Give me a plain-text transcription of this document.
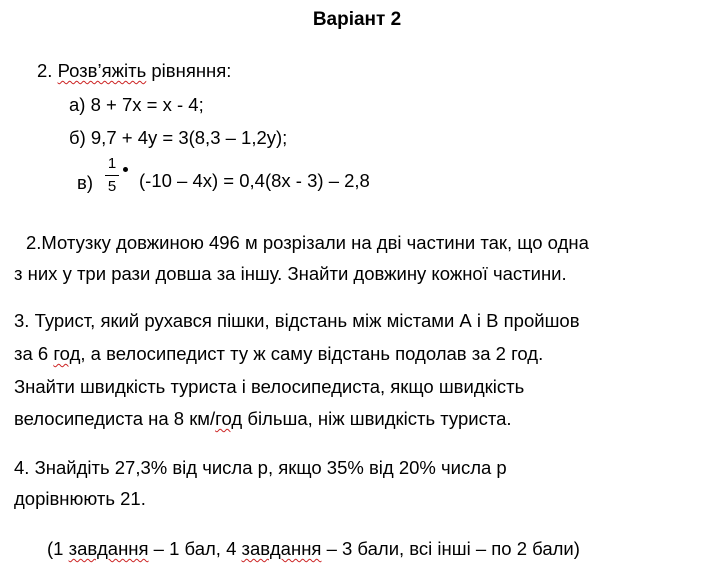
Варіант 2
2. Розв’яжіть рівняння:
а) 8 + 7х = х - 4;
б) 9,7 + 4у = 3(8,3 – 1,2у);
в)
1
5 (-10 – 4х) = 0,4(8х - 3) – 2,8
2.Мотузку довжиною 496 м розрізали на дві частини так, що одна
з них у три рази довша за іншу. Знайти довжину кожної частини.
3. Турист, який рухався пішки, відстань між містами А і В пройшов
за 6 год, а велосипедист ту ж саму відстань подолав за 2 год.
Знайти швидкість туриста і велосипедиста, якщо швидкість
велосипедиста на 8 км/год більша, ніж швидкість туриста.
4. Знайдіть 27,3% від числа р, якщо 35% від 20% числа р
дорівнюють 21.
(1 завдання – 1 бал, 4 завдання – 3 бали, всі інші – по 2 бали)
